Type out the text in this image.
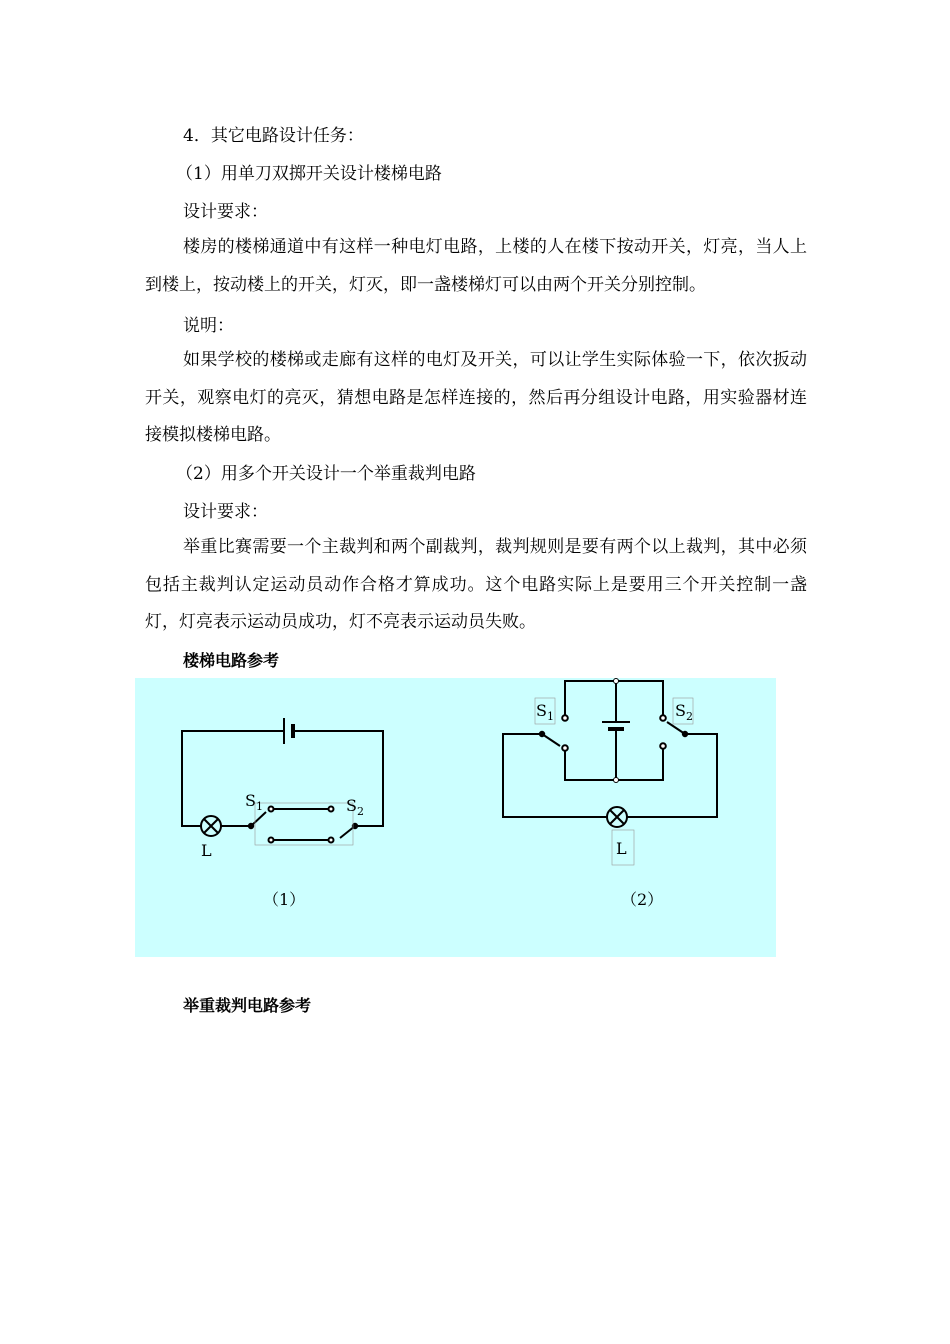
4．其它电路设计任务：
（1）用单刀双掷开关设计楼梯电路
设计要求：
楼房的楼梯通道中有这样一种电灯电路，上楼的人在楼下按动开关，灯亮，当人上到楼上，按动楼上的开关，灯灭，即一盏楼梯灯可以由两个开关分别控制。
说明：
如果学校的楼梯或走廊有这样的电灯及开关，可以让学生实际体验一下，依次扳动开关，观察电灯的亮灭，猜想电路是怎样连接的，然后再分组设计电路，用实验器材连接模拟楼梯电路。
（2）用多个开关设计一个举重裁判电路
设计要求：
举重比赛需要一个主裁判和两个副裁判，裁判规则是要有两个以上裁判，其中必须包括主裁判认定运动员动作合格才算成功。这个电路实际上是要用三个开关控制一盏灯，灯亮表示运动员成功，灯不亮表示运动员失败。
楼梯电路参考
$S_1$	$S_2$
L
（1）
$S_1$	$S_2$
L
（2）
举重裁判电路参考
